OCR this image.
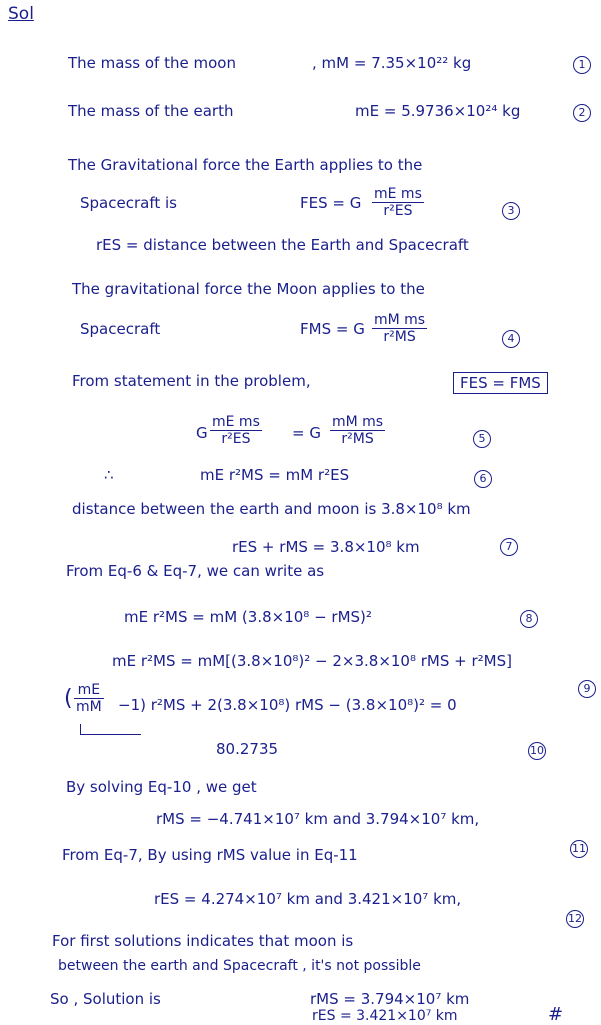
Sol
The mass of the moon	, mM = 7.35×10²² kg	1
The mass of the earth	mE = 5.9736×10²⁴ kg	2
The Gravitational force the Earth applies to the
Spacecraft is	FES = G $\frac{\text{mE ms}}{\text{r²ES}}$	3
rES = distance between the Earth and Spacecraft
The gravitational force the Moon applies to the
Spacecraft	FMS = G $\frac{\text{mM ms}}{\text{r²MS}}$	4
From statement in the problem,	FES = FMS
G $\frac{\text{mE ms}}{\text{r²ES}} = G \frac{\text{mM ms}}{\text{r²MS}}$	5
∴	mE r²MS = mM r²ES	6
distance between the earth and moon is 3.8×10⁸ km
rES + rMS = 3.8×10⁸ km	7
From Eq-6 & Eq-7, we can write as
mE r²MS = mM (3.8×10⁸ − rMS)²	8
mE r²MS = mM[(3.8×10⁸)² − 2×3.8×10⁸ rMS + r²MS]
( $\frac{mE}{mM} -1$) r²MS + 2(3.8×10⁸) rMS − (3.8×10⁸)² = 0
9
80.2735	10
By solving Eq-10 , we get
rMS = −4.741×10⁷ km and 3.794×10⁷ km,
11
From Eq-7, By using rMS value in Eq-11
rES = 4.274×10⁷ km and 3.421×10⁷ km,
12
For first solutions indicates that moon is
between the earth and Spacecraft , it's not possible
So , Solution is	rMS = 3.794×10⁷ km
rES = 3.421×10⁷ km	#
